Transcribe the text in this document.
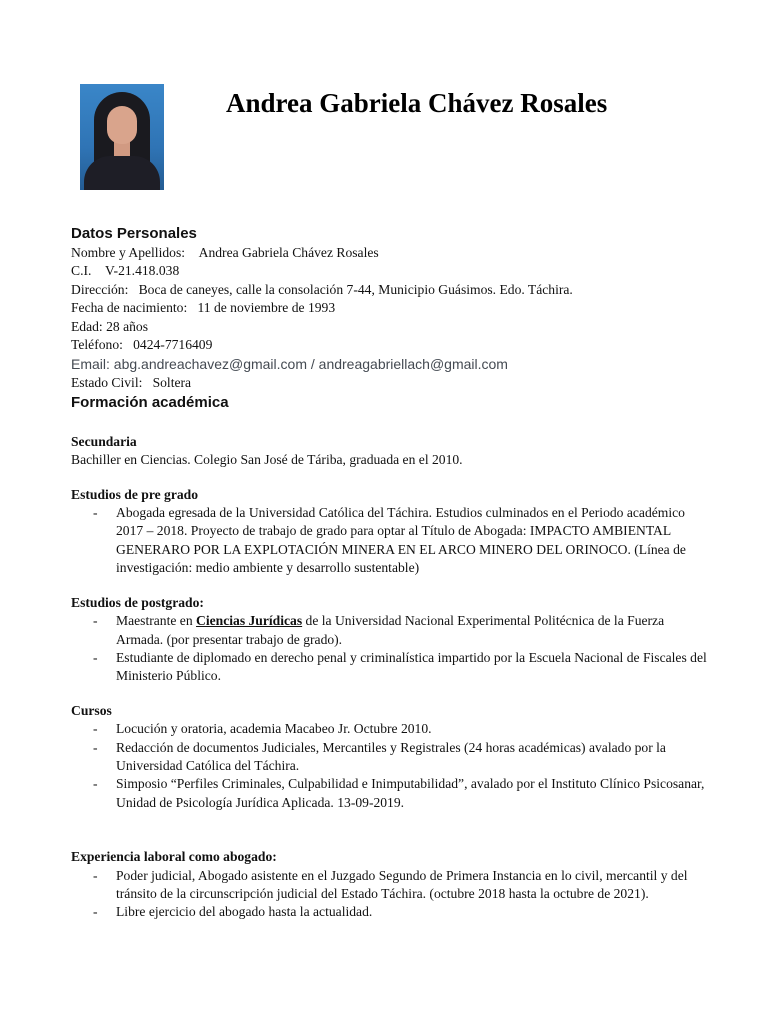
Andrea Gabriela Chávez Rosales

Datos Personales

Nombre y Apellidos: Andrea Gabriela Chávez Rosales

C.I. V-21.418.038

Dirección: Boca de caneyes, calle la consolación 7-44, Municipio Guásimos. Edo. Táchira.

Fecha de nacimiento: 11 de noviembre de 1993

Edad: 28 años

Teléfono: 0424-7716409

Email: abg.andreachavez@gmail.com / andreagabriellach@gmail.com

Estado Civil: Soltera

Formación académica

Secundaria

Bachiller en Ciencias. Colegio San José de Táriba, graduada en el 2010.

Estudios de pre grado

- Abogada egresada de la Universidad Católica del Táchira. Estudios culminados en el Periodo académico 2017 – 2018. Proyecto de trabajo de grado para optar al Título de Abogada: IMPACTO AMBIENTAL GENERARO POR LA EXPLOTACIÓN MINERA EN EL ARCO MINERO DEL ORINOCO. (Línea de investigación: medio ambiente y desarrollo sustentable)

Estudios de postgrado:

- Maestrante en Ciencias Jurídicas de la Universidad Nacional Experimental Politécnica de la Fuerza Armada. (por presentar trabajo de grado).
- Estudiante de diplomado en derecho penal y criminalística impartido por la Escuela Nacional de Fiscales del Ministerio Público.

Cursos

- Locución y oratoria, academia Macabeo Jr. Octubre 2010.
- Redacción de documentos Judiciales, Mercantiles y Registrales (24 horas académicas) avalado por la Universidad Católica del Táchira.
- Simposio “Perfiles Criminales, Culpabilidad e Inimputabilidad”, avalado por el Instituto Clínico Psicosanar, Unidad de Psicología Jurídica Aplicada. 13-09-2019.

Experiencia laboral como abogado:

- Poder judicial, Abogado asistente en el Juzgado Segundo de Primera Instancia en lo civil, mercantil y del tránsito de la circunscripción judicial del Estado Táchira. (octubre 2018 hasta la octubre de 2021).
- Libre ejercicio del abogado hasta la actualidad.
